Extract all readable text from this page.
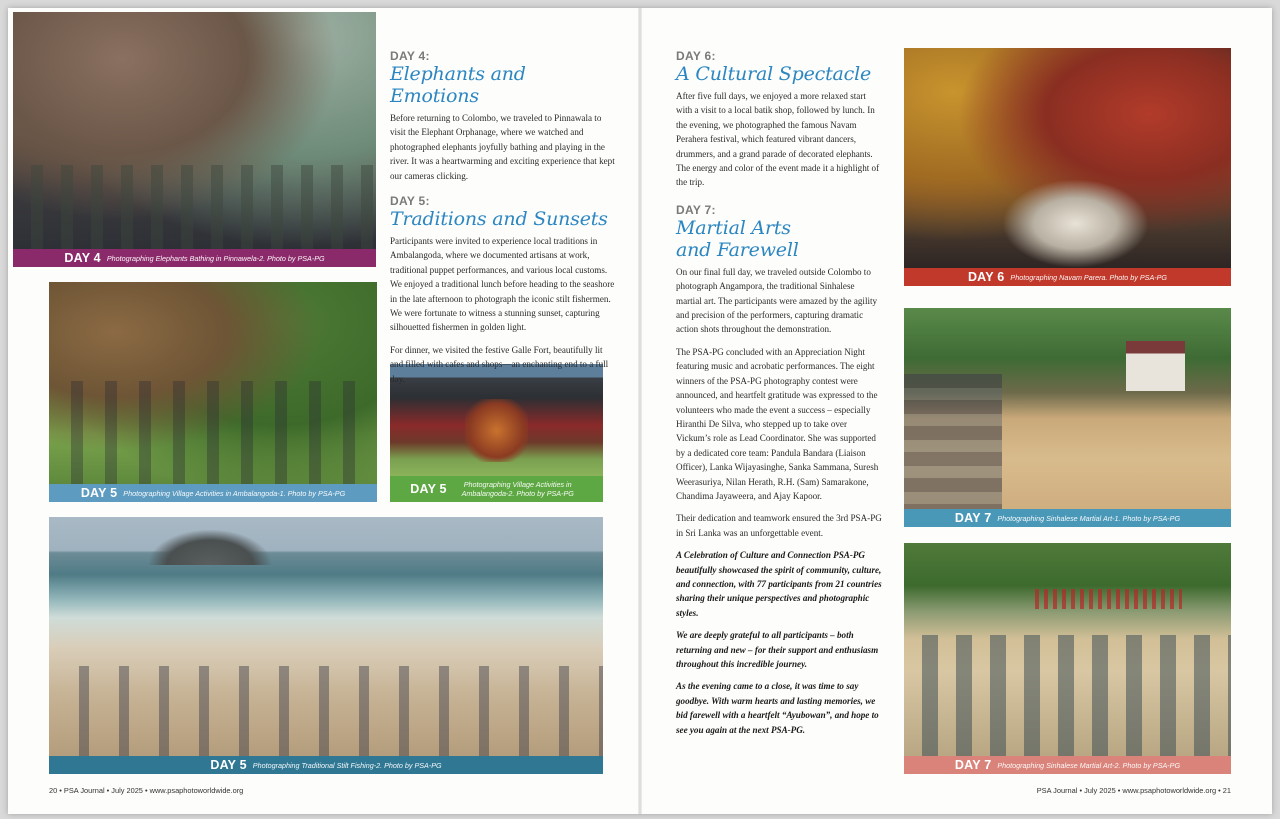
DAY 4 Photographing Elephants Bathing in Pinnawela-2. Photo by PSA-PG
DAY 5 Photographing Village Activities in Ambalangoda-1. Photo by PSA-PG	DAY 5	Photographing Village Activities in Ambalangoda-2. Photo by PSA-PG
DAY 5 Photographing Traditional Stilt Fishing-2. Photo by PSA-PG
DAY 4:
Elephants and Emotions

Before returning to Colombo, we traveled to Pinnawala to visit the Elephant Orphanage, where we watched and photographed elephants joyfully bathing and playing in the river. It was a heartwarming and exciting experience that kept our cameras clicking.

DAY 5:
Traditions and Sunsets

Participants were invited to experience local traditions in Ambalangoda, where we documented artisans at work, traditional puppet performances, and various local customs. We enjoyed a traditional lunch before heading to the seashore in the late afternoon to photograph the iconic stilt fishermen. We were fortunate to witness a stunning sunset, capturing silhouetted fishermen in golden light.

For dinner, we visited the festive Galle Fort, beautifully lit and filled with cafes and shops—an enchanting end to a full day.

20 • PSA Journal • July 2025 • www.psaphotoworldwide.org
DAY 6:
A Cultural Spectacle

After five full days, we enjoyed a more relaxed start with a visit to a local batik shop, followed by lunch. In the evening, we photographed the famous Navam Perahera festival, which featured vibrant dancers, drummers, and a grand parade of decorated elephants. The energy and color of the event made it a highlight of the trip.

DAY 7:
Martial Arts
and Farewell

On our final full day, we traveled outside Colombo to photograph Angampora, the traditional Sinhalese martial art. The participants were amazed by the agility and precision of the performers, capturing dramatic action shots throughout the demonstration.

The PSA-PG concluded with an Appreciation Night featuring music and acrobatic performances. The eight winners of the PSA-PG photography contest were announced, and heartfelt gratitude was expressed to the volunteers who made the event a success – especially Hiranthi De Silva, who stepped up to take over Vickum’s role as Lead Coordinator. She was supported by a dedicated core team: Pandula Bandara (Liaison Officer), Lanka Wijayasinghe, Sanka Sammana, Suresh Weerasuriya, Nilan Herath, R.H. (Sam) Samarakone, Chandima Jayaweera, and Ajay Kapoor.

Their dedication and teamwork ensured the 3rd PSA-PG in Sri Lanka was an unforgettable event.

A Celebration of Culture and Connection PSA-PG beautifully showcased the spirit of community, culture, and connection, with 77 participants from 21 countries sharing their unique perspectives and photographic styles.

We are deeply grateful to all participants – both returning and new – for their support and enthusiasm throughout this incredible journey.

As the evening came to a close, it was time to say goodbye. With warm hearts and lasting memories, we bid farewell with a heartfelt “Ayubowan”, and hope to see you again at the next PSA-PG.

DAY 6 Photographing Navam Parera. Photo by PSA-PG
DAY 7 Photographing Sinhalese Martial Art-1. Photo by PSA-PG
DAY 7 Photographing Sinhalese Martial Art-2. Photo by PSA-PG
PSA Journal • July 2025 • www.psaphotoworldwide.org • 21
